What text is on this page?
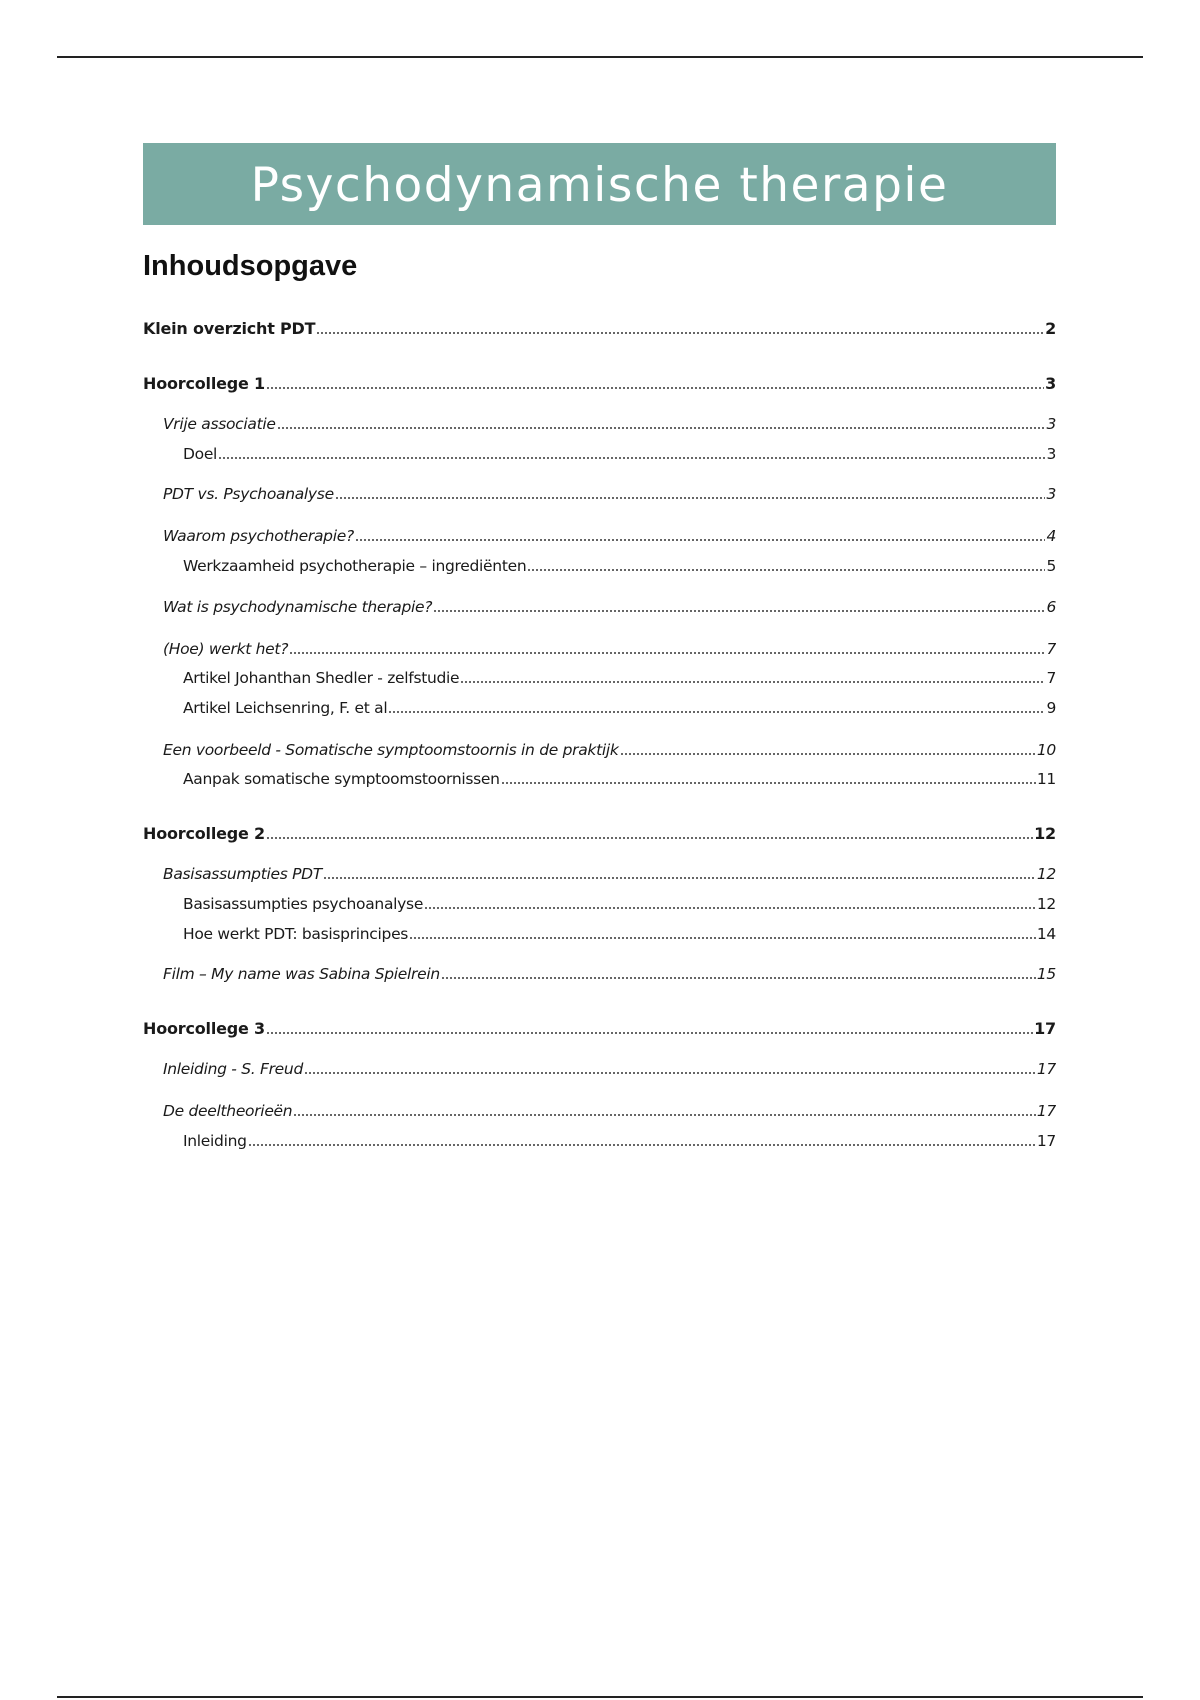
Psychodynamische therapie
Inhoudsopgave
Klein overzicht PDT	2
Hoorcollege 1	3
Vrije associatie	3
Doel	3
PDT vs. Psychoanalyse	3
Waarom psychotherapie?	4
Werkzaamheid psychotherapie – ingrediënten	5
Wat is psychodynamische therapie?	6
(Hoe) werkt het?	7
Artikel Johanthan Shedler - zelfstudie	7
Artikel Leichsenring, F. et al	9
Een voorbeeld - Somatische symptoomstoornis in de praktijk	10
Aanpak somatische symptoomstoornissen	11
Hoorcollege 2	12
Basisassumpties PDT	12
Basisassumpties psychoanalyse	12
Hoe werkt PDT: basisprincipes	14
Film – My name was Sabina Spielrein	15
Hoorcollege 3	17
Inleiding - S. Freud	17
De deeltheorieën	17
Inleiding	17
